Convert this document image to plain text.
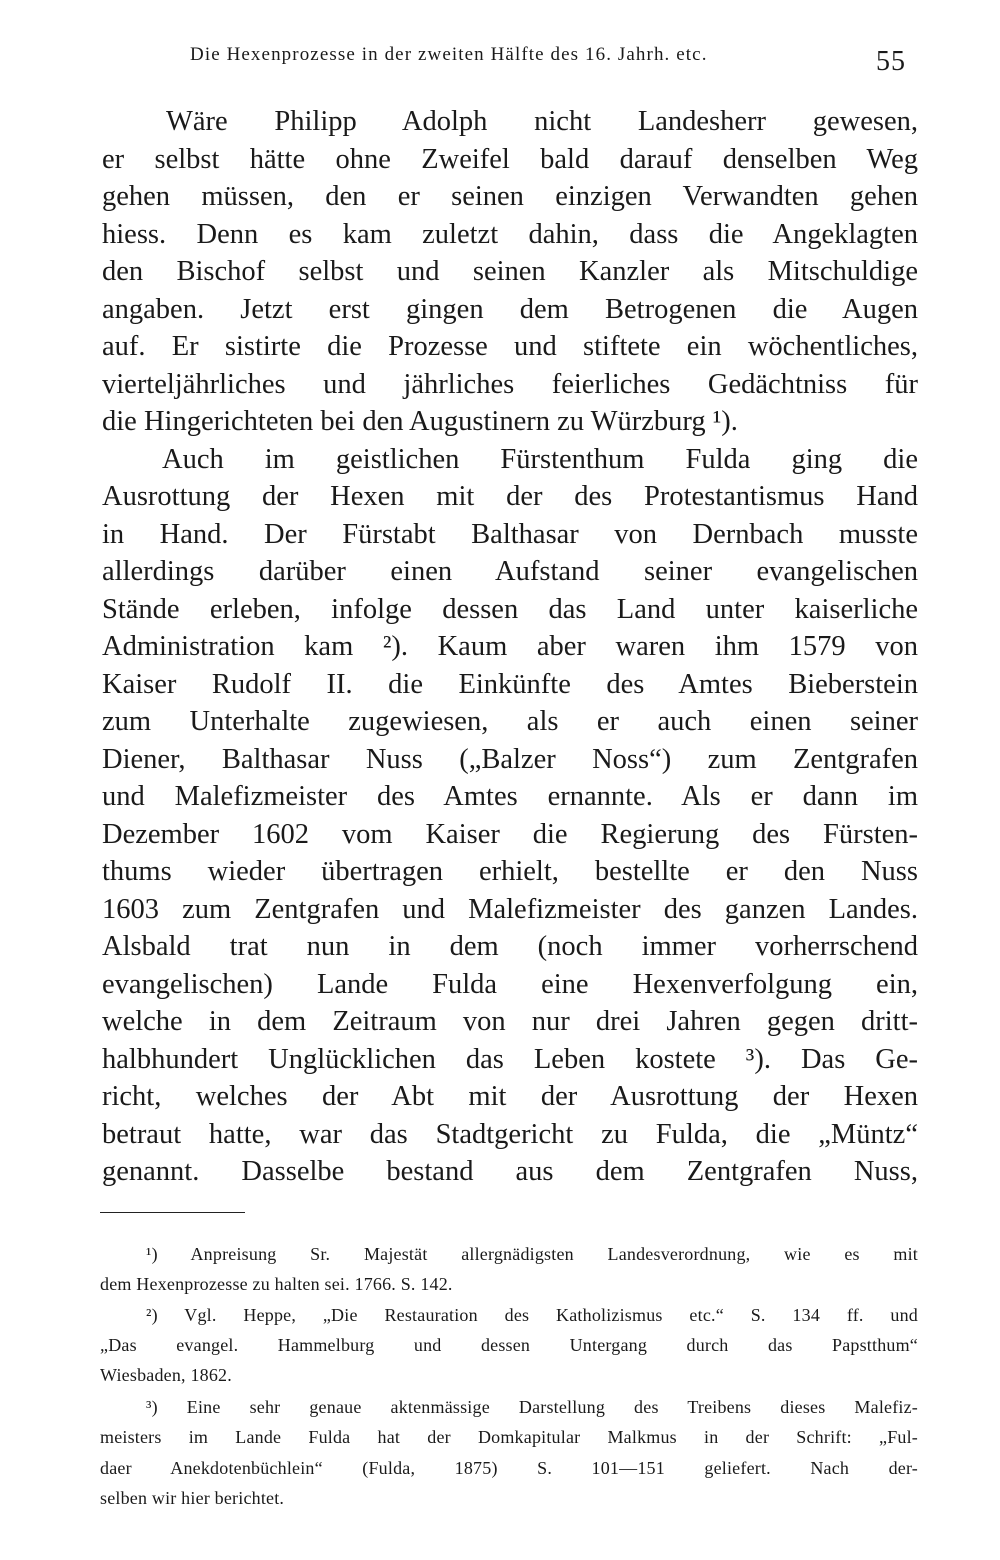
Die Hexenprozesse in der zweiten Hälfte des 16. Jahrh. etc.	55
Wäre Philipp Adolph nicht Landesherr gewesen,
er selbst hätte ohne Zweifel bald darauf denselben Weg
gehen müssen, den er seinen einzigen Verwandten gehen
hiess. Denn es kam zuletzt dahin, dass die Angeklagten
den Bischof selbst und seinen Kanzler als Mitschuldige
angaben. Jetzt erst gingen dem Betrogenen die Augen
auf. Er sistirte die Prozesse und stiftete ein wöchentliches,
vierteljährliches und jährliches feierliches Gedächtniss für
die Hingerichteten bei den Augustinern zu Würzburg ¹).
Auch im geistlichen Fürstenthum Fulda ging die
Ausrottung der Hexen mit der des Protestantismus Hand
in Hand. Der Fürstabt Balthasar von Dernbach musste
allerdings darüber einen Aufstand seiner evangelischen
Stände erleben, infolge dessen das Land unter kaiserliche
Administration kam ²). Kaum aber waren ihm 1579 von
Kaiser Rudolf II. die Einkünfte des Amtes Bieberstein
zum Unterhalte zugewiesen, als er auch einen seiner
Diener, Balthasar Nuss („Balzer Noss“) zum Zentgrafen
und Malefizmeister des Amtes ernannte. Als er dann im
Dezember 1602 vom Kaiser die Regierung des Fürsten-
thums wieder übertragen erhielt, bestellte er den Nuss
1603 zum Zentgrafen und Malefizmeister des ganzen Landes.
Alsbald trat nun in dem (noch immer vorherrschend
evangelischen) Lande Fulda eine Hexenverfolgung ein,
welche in dem Zeitraum von nur drei Jahren gegen dritt-
halbhundert Unglücklichen das Leben kostete ³). Das Ge-
richt, welches der Abt mit der Ausrottung der Hexen
betraut hatte, war das Stadtgericht zu Fulda, die „Müntz“
genannt. Dasselbe bestand aus dem Zentgrafen Nuss,
¹) Anpreisung Sr. Majestät allergnädigsten Landesverordnung, wie es mit
dem Hexenprozesse zu halten sei. 1766. S. 142.
²) Vgl. Heppe, „Die Restauration des Katholizismus etc.“ S. 134 ff. und
„Das evangel. Hammelburg und dessen Untergang durch das Papstthum“
Wiesbaden, 1862.
³) Eine sehr genaue aktenmässige Darstellung des Treibens dieses Malefiz-
meisters im Lande Fulda hat der Domkapitular Malkmus in der Schrift: „Ful-
daer Anekdotenbüchlein“ (Fulda, 1875) S. 101—151 geliefert. Nach der-
selben wir hier berichtet.
